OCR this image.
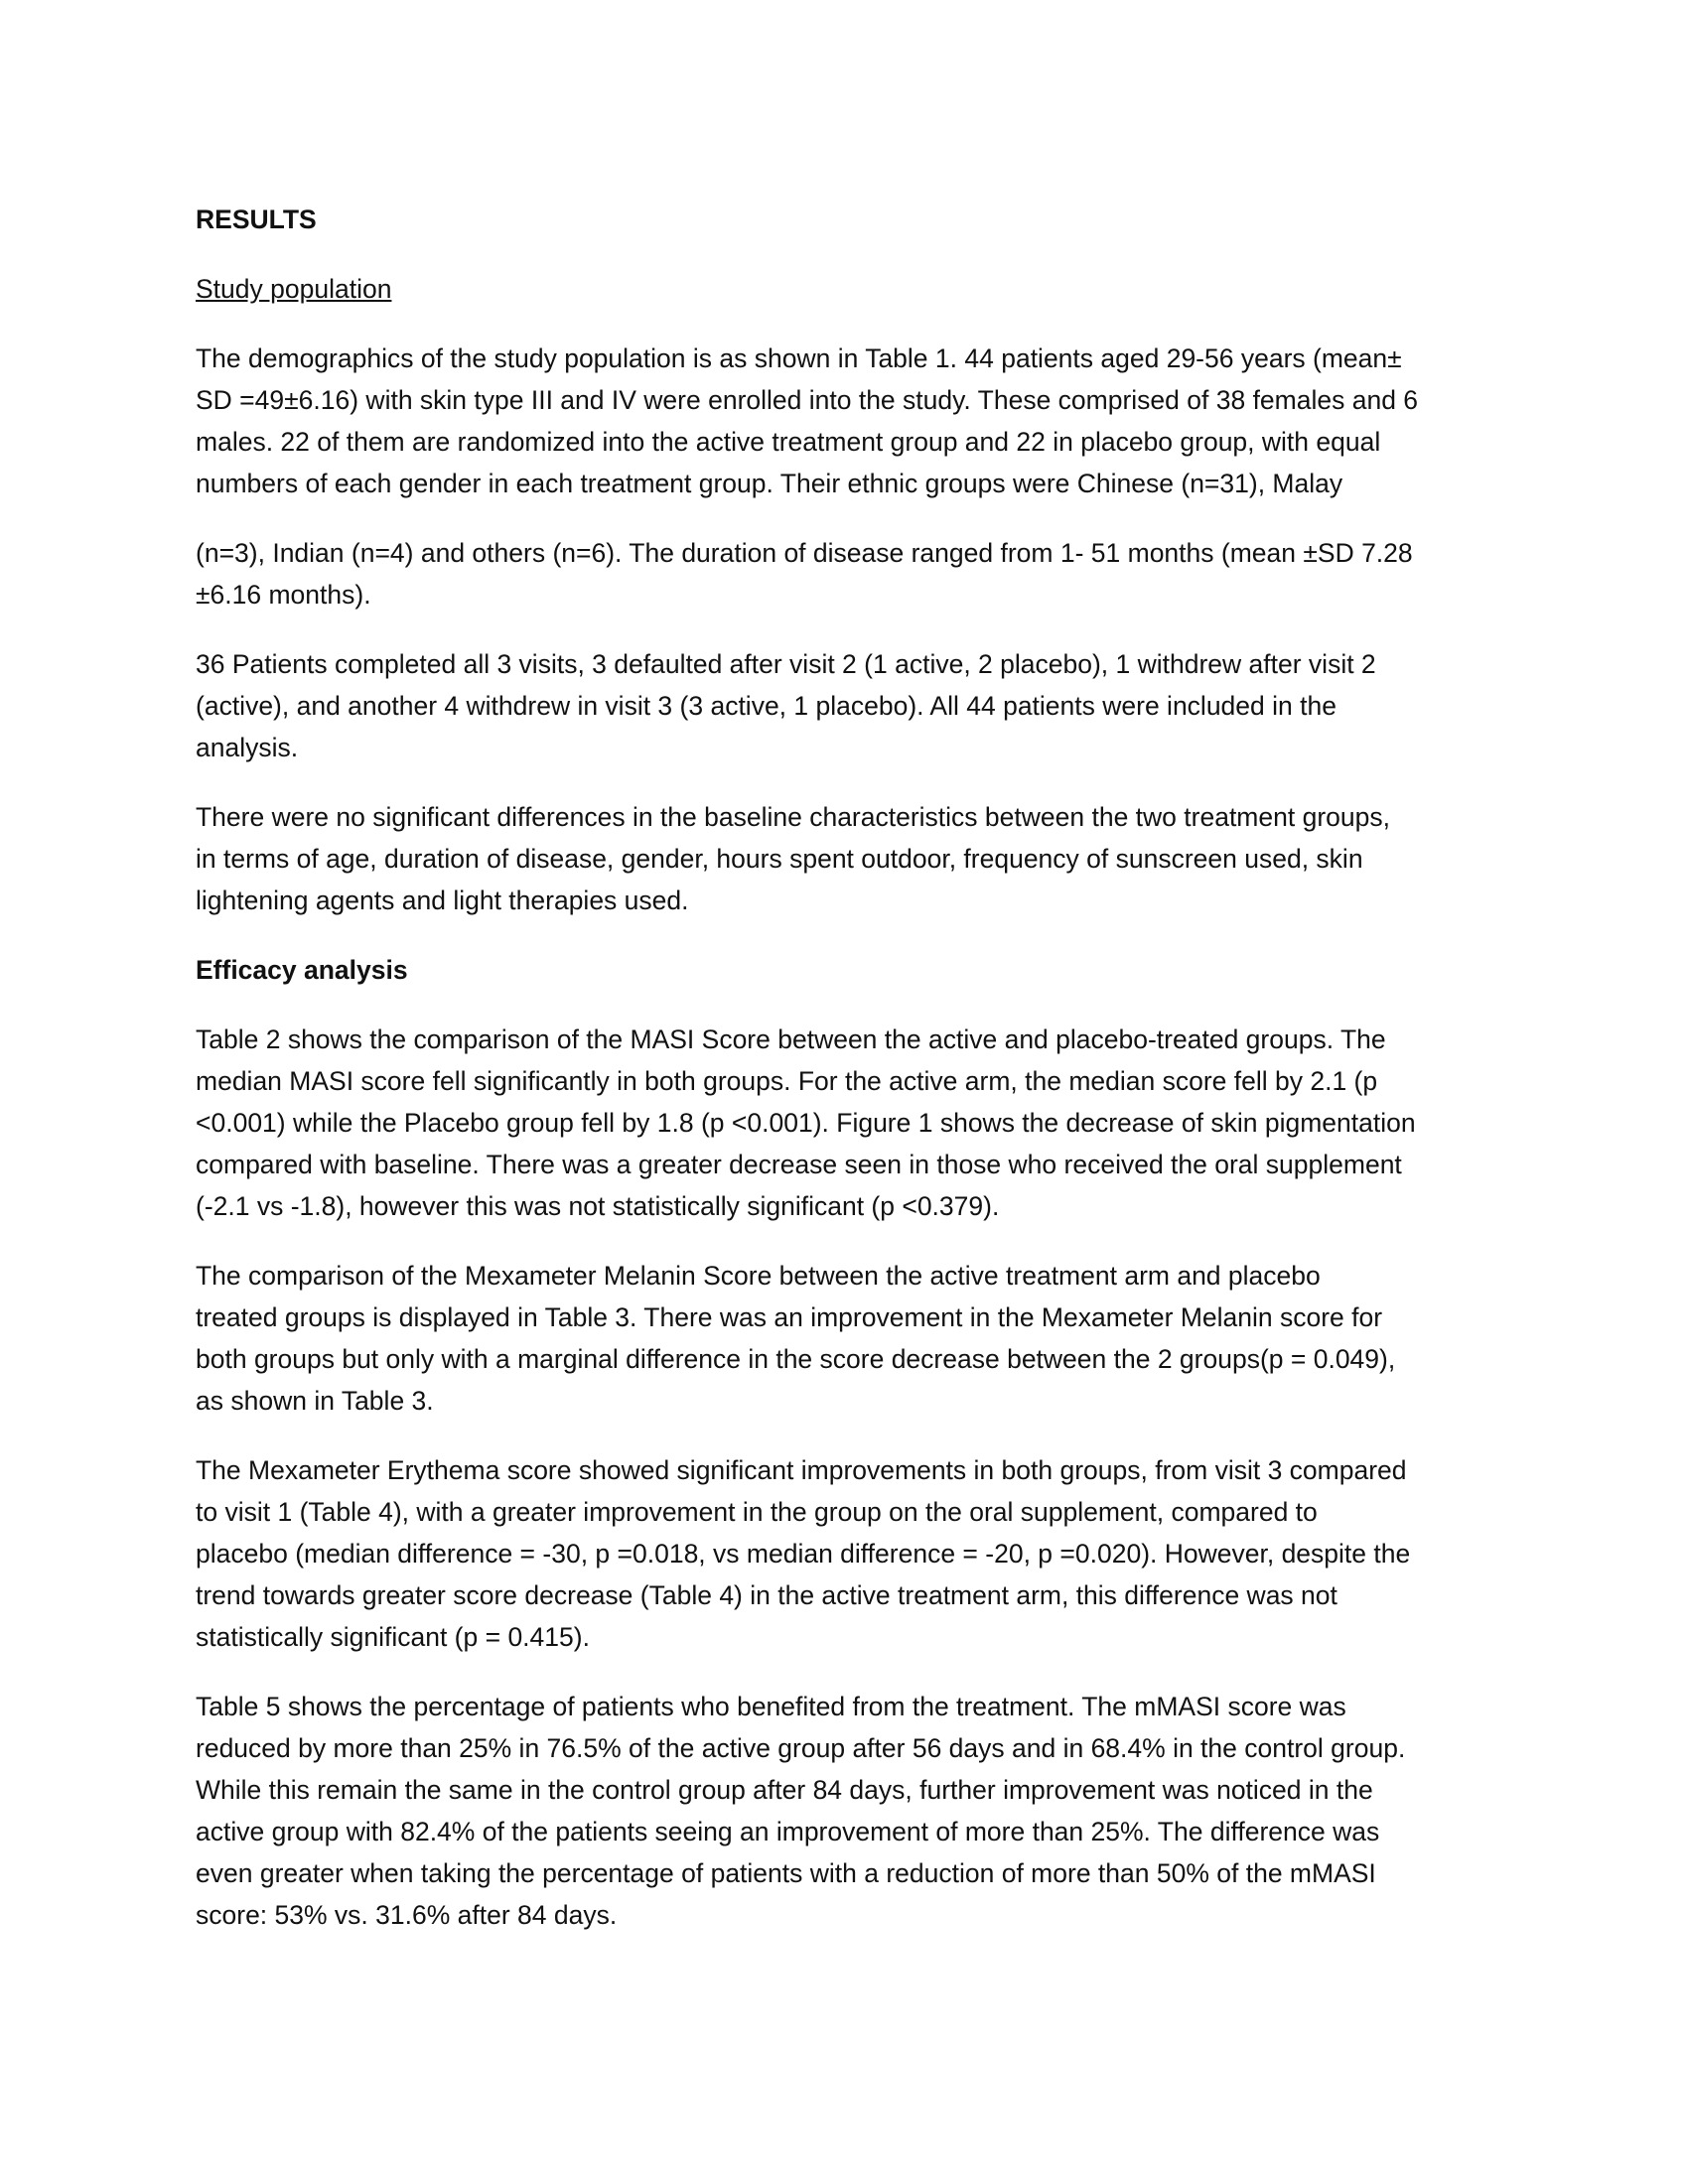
RESULTS
Study population

The demographics of the study population is as shown in Table 1. 44 patients aged 29-56 years (mean±
SD =49±6.16) with skin type III and IV were enrolled into the study. These comprised of 38 females and 6
males. 22 of them are randomized into the active treatment group and 22 in placebo group, with equal
numbers of each gender in each treatment group. Their ethnic groups were Chinese (n=31), Malay

(n=3), Indian (n=4) and others (n=6). The duration of disease ranged from 1- 51 months (mean ±SD 7.28
±6.16 months).

36 Patients completed all 3 visits, 3 defaulted after visit 2 (1 active, 2 placebo), 1 withdrew after visit 2
(active), and another 4 withdrew in visit 3 (3 active, 1 placebo). All 44 patients were included in the
analysis.

There were no significant differences in the baseline characteristics between the two treatment groups,
in terms of age, duration of disease, gender, hours spent outdoor, frequency of sunscreen used, skin
lightening agents and light therapies used.

Efficacy analysis

Table 2 shows the comparison of the MASI Score between the active and placebo-treated groups. The
median MASI score fell significantly in both groups. For the active arm, the median score fell by 2.1 (p
<0.001) while the Placebo group fell by 1.8 (p <0.001). Figure 1 shows the decrease of skin pigmentation
compared with baseline. There was a greater decrease seen in those who received the oral supplement
(-2.1 vs -1.8), however this was not statistically significant (p <0.379).

The comparison of the Mexameter Melanin Score between the active treatment arm and placebo
treated groups is displayed in Table 3. There was an improvement in the Mexameter Melanin score for
both groups but only with a marginal difference in the score decrease between the 2 groups(p = 0.049),
as shown in Table 3.

The Mexameter Erythema score showed significant improvements in both groups, from visit 3 compared
to visit 1 (Table 4), with a greater improvement in the group on the oral supplement, compared to
placebo (median difference = -30, p =0.018, vs median difference = -20, p =0.020). However, despite the
trend towards greater score decrease (Table 4) in the active treatment arm, this difference was not
statistically significant (p = 0.415).

Table 5 shows the percentage of patients who benefited from the treatment. The mMASI score was
reduced by more than 25% in 76.5% of the active group after 56 days and in 68.4% in the control group.
While this remain the same in the control group after 84 days, further improvement was noticed in the
active group with 82.4% of the patients seeing an improvement of more than 25%. The difference was
even greater when taking the percentage of patients with a reduction of more than 50% of the mMASI
score: 53% vs. 31.6% after 84 days.
